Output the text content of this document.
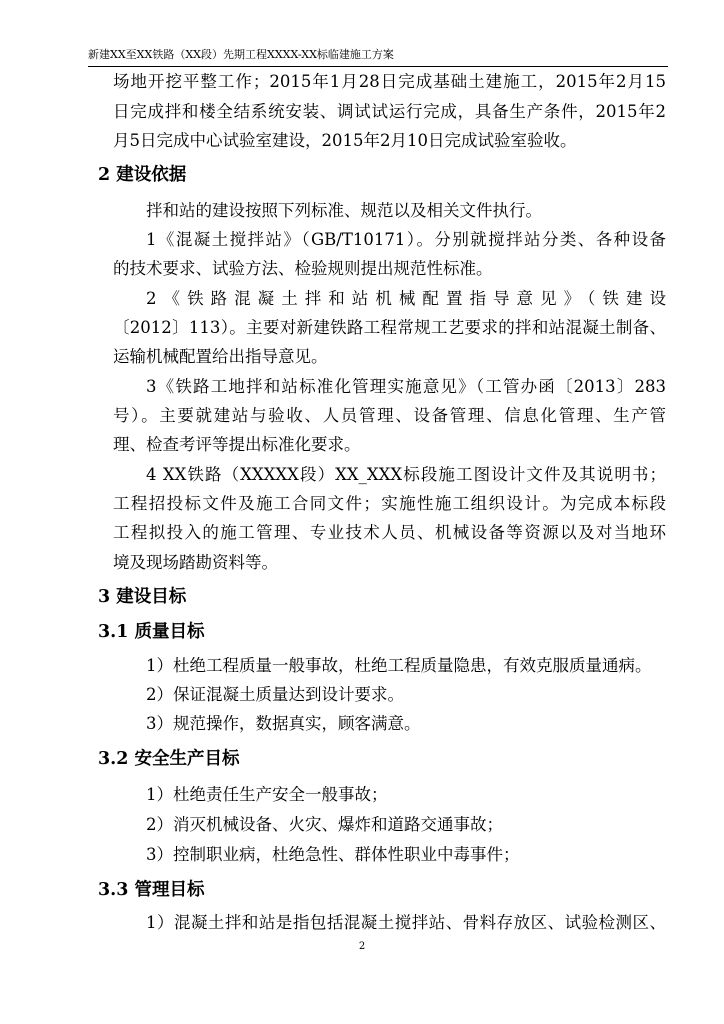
新建XX至XX铁路（XX段）先期工程XXXX-XX标临建施工方案
场地开挖平整工作；2015年1月28日完成基础土建施工，2015年2月15
日完成拌和楼全结系统安装、调试试运行完成，具备生产条件，2015年2
月5日完成中心试验室建设，2015年2月10日完成试验室验收。
2 建设依据
拌和站的建设按照下列标准、规范以及相关文件执行。
1《混凝土搅拌站》（GB/T10171）。分别就搅拌站分类、各种设备
的技术要求、试验方法、检验规则提出规范性标准。
2《铁路混凝土拌和站机械配置指导意见》（铁建设
〔2012〕113）。主要对新建铁路工程常规工艺要求的拌和站混凝土制备、
运输机械配置给出指导意见。
3《铁路工地拌和站标准化管理实施意见》（工管办函〔2013〕283
号）。主要就建站与验收、人员管理、设备管理、信息化管理、生产管
理、检查考评等提出标准化要求。
4 XX铁路（XXXXX段）XX_XXX标段施工图设计文件及其说明书；
工程招投标文件及施工合同文件；实施性施工组织设计。为完成本标段
工程拟投入的施工管理、专业技术人员、机械设备等资源以及对当地环
境及现场踏勘资料等。
3 建设目标
3.1 质量目标
1）杜绝工程质量一般事故，杜绝工程质量隐患，有效克服质量通病。
2）保证混凝土质量达到设计要求。
3）规范操作，数据真实，顾客满意。
3.2 安全生产目标
1）杜绝责任生产安全一般事故；
2）消灭机械设备、火灾、爆炸和道路交通事故；
3）控制职业病，杜绝急性、群体性职业中毒事件；
3.3 管理目标
1）混凝土拌和站是指包括混凝土搅拌站、骨料存放区、试验检测区、
2
